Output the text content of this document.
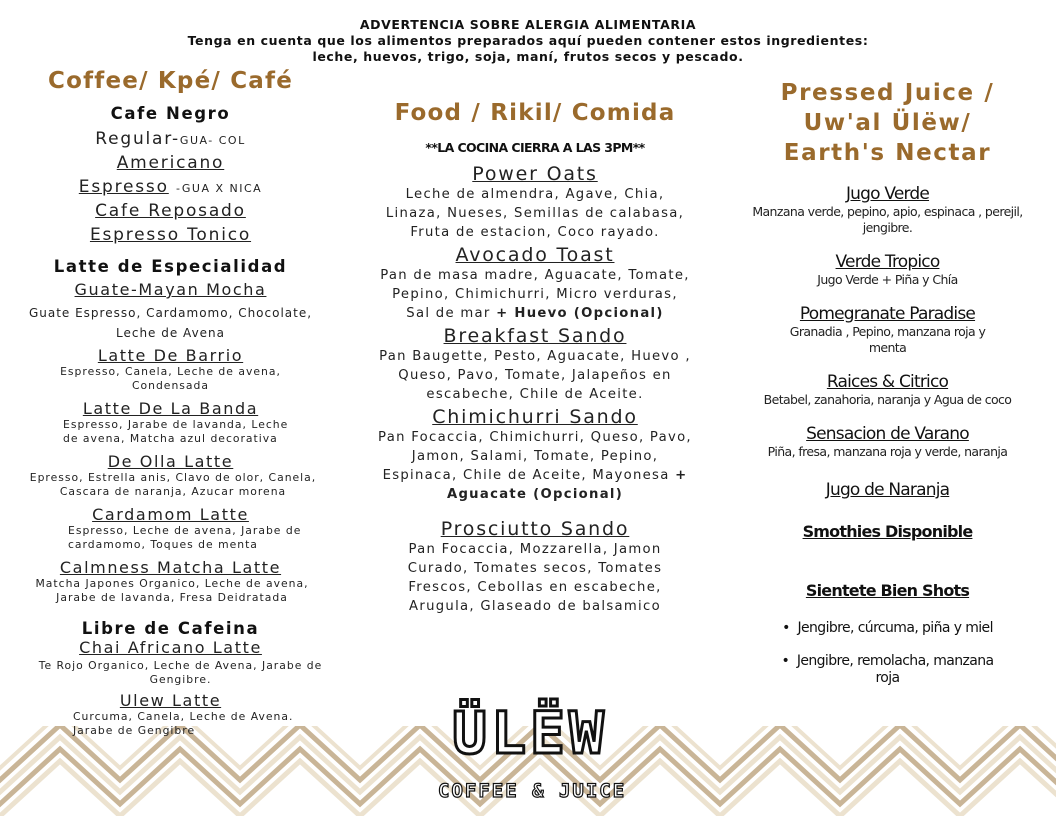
ADVERTENCIA SOBRE ALERGIA ALIMENTARIA
Tenga en cuenta que los alimentos preparados aquí pueden contener estos ingredientes:
leche, huevos, trigo, soja, maní, frutos secos y pescado.
Coffee/ Kpé/ Café
Cafe Negro
Regular-GUA- COL
Americano
Espresso -GUA X NICA
Cafe Reposado
Espresso Tonico
Latte de Especialidad
Guate-Mayan Mocha
Guate Espresso, Cardamomo, Chocolate, Leche de Avena
Latte De Barrio
Espresso, Canela, Leche de avena, Condensada
Latte De La Banda
Espresso, Jarabe de lavanda, Leche de avena, Matcha azul decorativa
De Olla Latte
Epresso, Estrella anis, Clavo de olor, Canela, Cascara de naranja, Azucar morena
Cardamom Latte
Espresso, Leche de avena, Jarabe de cardamomo, Toques de menta
Calmness Matcha Latte
Matcha Japones Organico, Leche de avena, Jarabe de lavanda, Fresa Deidratada
Libre de Cafeina
Chai Africano Latte
Te Rojo Organico, Leche de Avena, Jarabe de Gengibre.
Ulew Latte
Curcuma, Canela, Leche de Avena. Jarabe de Gengibre
Food / Rikil/ Comida
**LA COCINA CIERRA A LAS 3PM**
Power Oats
Leche de almendra, Agave, Chia, Linaza, Nueses, Semillas de calabasa, Fruta de estacion, Coco rayado.
Avocado Toast
Pan de masa madre, Aguacate, Tomate, Pepino, Chimichurri, Micro verduras, Sal de mar + Huevo (Opcional)
Breakfast Sando
Pan Baugette, Pesto, Aguacate, Huevo , Queso, Pavo, Tomate, Jalapeños en escabeche, Chile de Aceite.
Chimichurri Sando
Pan Focaccia, Chimichurri, Queso, Pavo, Jamon, Salami, Tomate, Pepino, Espinaca, Chile de Aceite, Mayonesa + Aguacate (Opcional)
Prosciutto Sando
Pan Focaccia, Mozzarella, Jamon Curado, Tomates secos, Tomates Frescos, Cebollas en escabeche, Arugula, Glaseado de balsamico
Pressed Juice /
Uw'al Ülëw/
Earth's Nectar
Jugo Verde
Manzana verde, pepino, apio, espinaca , perejil, jengibre.
Verde Tropico
Jugo Verde + Piña y Chía
Pomegranate Paradise
Granadia , Pepino, manzana roja y menta
Raices & Citrico
Betabel, zanahoria, naranja y Agua de coco
Sensacion de Varano
Piña, fresa, manzana roja y verde, naranja
Jugo de Naranja
Smothies Disponible
Sientete Bien Shots
•  Jengibre, cúrcuma, piña y miel
•  Jengibre, remolacha, manzana roja
ÜLËW
COFFEE & JUICE
